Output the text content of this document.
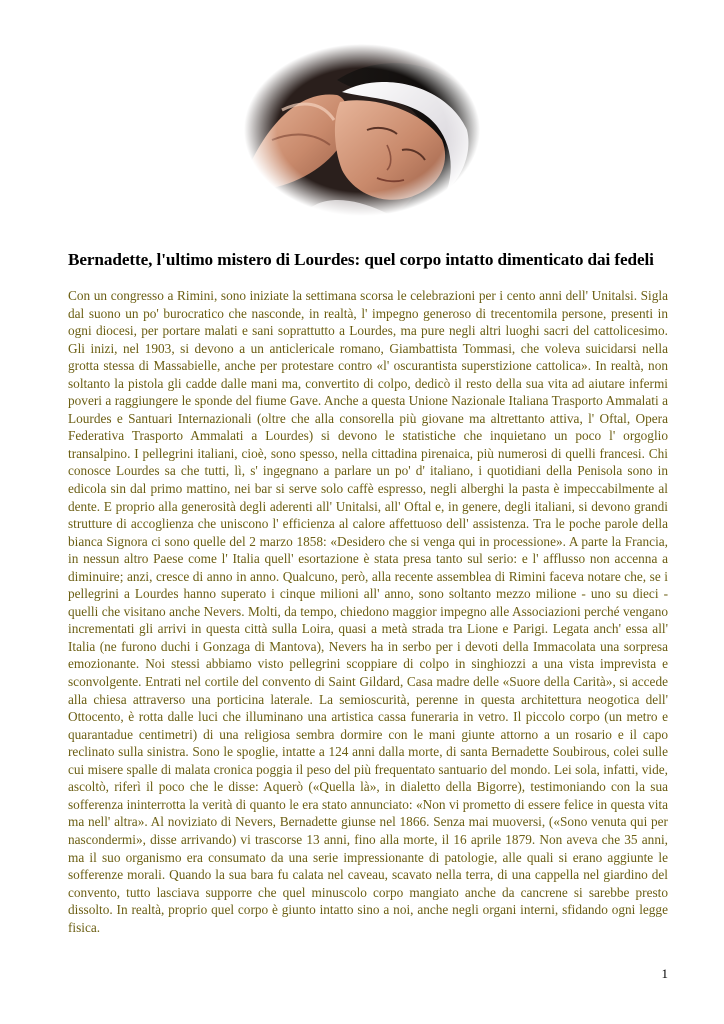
Bernadette, l'ultimo mistero di Lourdes: quel corpo intatto dimenticato dai fedeli

Con un congresso a Rimini, sono iniziate la settimana scorsa le celebrazioni per i cento anni dell' Unitalsi. Sigla dal suono un po' burocratico che nasconde, in realtà, l' impegno generoso di trecentomila persone, presenti in ogni diocesi, per portare malati e sani soprattutto a Lourdes, ma pure negli altri luoghi sacri del cattolicesimo. Gli inizi, nel 1903, si devono a un anticlericale romano, Giambattista Tommasi, che voleva suicidarsi nella grotta stessa di Massabielle, anche per protestare contro «l' oscurantista superstizione cattolica». In realtà, non soltanto la pistola gli cadde dalle mani ma, convertito di colpo, dedicò il resto della sua vita ad aiutare infermi poveri a raggiungere le sponde del fiume Gave. Anche a questa Unione Nazionale Italiana Trasporto Ammalati a Lourdes e Santuari Internazionali (oltre che alla consorella più giovane ma altrettanto attiva, l' Oftal, Opera Federativa Trasporto Ammalati a Lourdes) si devono le statistiche che inquietano un poco l' orgoglio transalpino. I pellegrini italiani, cioè, sono spesso, nella cittadina pirenaica, più numerosi di quelli francesi. Chi conosce Lourdes sa che tutti, lì, s' ingegnano a parlare un po' d' italiano, i quotidiani della Penisola sono in edicola sin dal primo mattino, nei bar si serve solo caffè espresso, negli alberghi la pasta è impeccabilmente al dente. E proprio alla generosità degli aderenti all' Unitalsi, all' Oftal e, in genere, degli italiani, si devono grandi strutture di accoglienza che uniscono l' efficienza al calore affettuoso dell' assistenza. Tra le poche parole della bianca Signora ci sono quelle del 2 marzo 1858: «Desidero che si venga qui in processione». A parte la Francia, in nessun altro Paese come l' Italia quell' esortazione è stata presa tanto sul serio: e l' afflusso non accenna a diminuire; anzi, cresce di anno in anno. Qualcuno, però, alla recente assemblea di Rimini faceva notare che, se i pellegrini a Lourdes hanno superato i cinque milioni all' anno, sono soltanto mezzo milione - uno su dieci - quelli che visitano anche Nevers. Molti, da tempo, chiedono maggior impegno alle Associazioni perché vengano incrementati gli arrivi in questa città sulla Loira, quasi a metà strada tra Lione e Parigi. Legata anch' essa all' Italia (ne furono duchi i Gonzaga di Mantova), Nevers ha in serbo per i devoti della Immacolata una sorpresa emozionante. Noi stessi abbiamo visto pellegrini scoppiare di colpo in singhiozzi a una vista imprevista e sconvolgente. Entrati nel cortile del convento di Saint Gildard, Casa madre delle «Suore della Carità», si accede alla chiesa attraverso una porticina laterale. La semioscurità, perenne in questa architettura neogotica dell' Ottocento, è rotta dalle luci che illuminano una artistica cassa funeraria in vetro. Il piccolo corpo (un metro e quarantadue centimetri) di una religiosa sembra dormire con le mani giunte attorno a un rosario e il capo reclinato sulla sinistra. Sono le spoglie, intatte a 124 anni dalla morte, di santa Bernadette Soubirous, colei sulle cui misere spalle di malata cronica poggia il peso del più frequentato santuario del mondo. Lei sola, infatti, vide, ascoltò, riferì il poco che le disse: Aquerò («Quella là», in dialetto della Bigorre), testimoniando con la sua sofferenza ininterrotta la verità di quanto le era stato annunciato: «Non vi prometto di essere felice in questa vita ma nell' altra». Al noviziato di Nevers, Bernadette giunse nel 1866. Senza mai muoversi, («Sono venuta qui per nascondermi», disse arrivando) vi trascorse 13 anni, fino alla morte, il 16 aprile 1879. Non aveva che 35 anni, ma il suo organismo era consumato da una serie impressionante di patologie, alle quali si erano aggiunte le sofferenze morali. Quando la sua bara fu calata nel caveau, scavato nella terra, di una cappella nel giardino del convento, tutto lasciava supporre che quel minuscolo corpo mangiato anche da cancrene si sarebbe presto dissolto. In realtà, proprio quel corpo è giunto intatto sino a noi, anche negli organi interni, sfidando ogni legge fisica.

1
